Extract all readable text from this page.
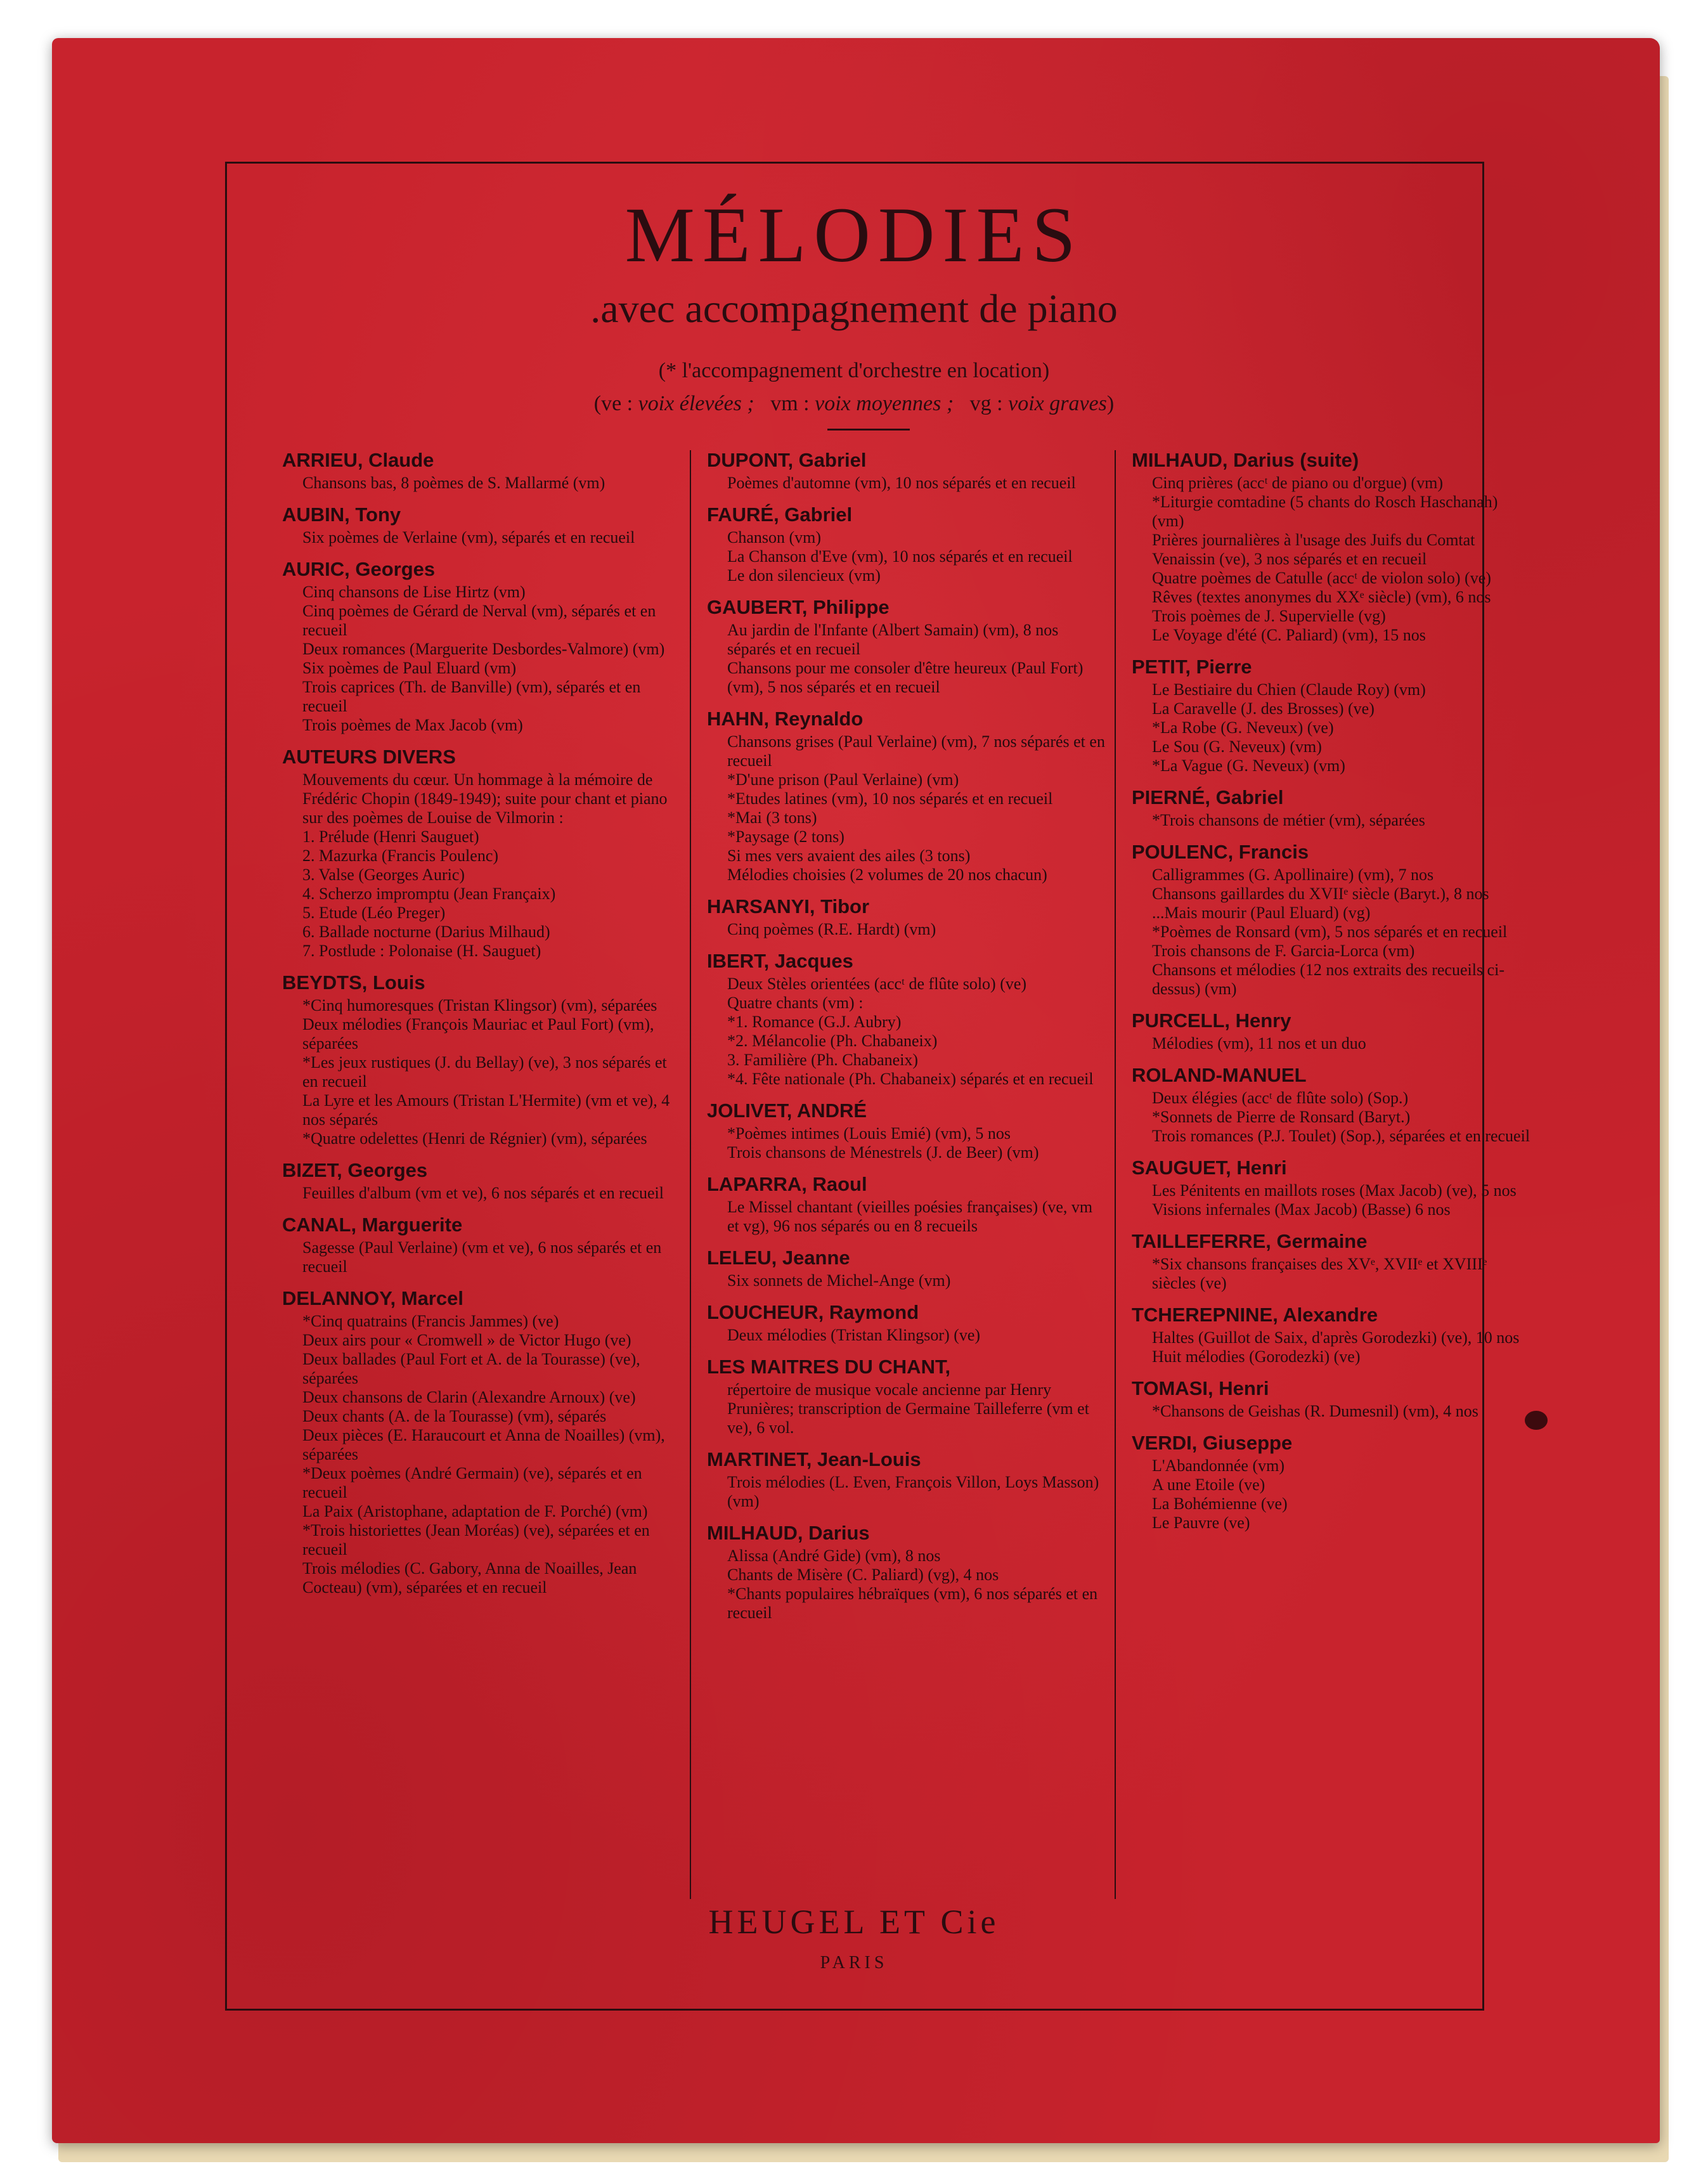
MÉLODIES
.avec accompagnement de piano
(* l'accompagnement d'orchestre en location)
(ve : voix élevées ; vm : voix moyennes ; vg : voix graves)
ARRIEU, Claude
Chansons bas, 8 poèmes de S. Mallarmé (vm)
AUBIN, Tony
Six poèmes de Verlaine (vm), séparés et en recueil
AURIC, Georges
Cinq chansons de Lise Hirtz (vm)
Cinq poèmes de Gérard de Nerval (vm), séparés et en recueil
Deux romances (Marguerite Desbordes-Valmore) (vm)
Six poèmes de Paul Eluard (vm)
Trois caprices (Th. de Banville) (vm), séparés et en recueil
Trois poèmes de Max Jacob (vm)
AUTEURS DIVERS
Mouvements du cœur. Un hommage à la mémoire de Frédéric Chopin (1849-1949); suite pour chant et piano sur des poèmes de Louise de Vilmorin :
1. Prélude (Henri Sauguet)
2. Mazurka (Francis Poulenc)
3. Valse (Georges Auric)
4. Scherzo impromptu (Jean Françaix)
5. Etude (Léo Preger)
6. Ballade nocturne (Darius Milhaud)
7. Postlude : Polonaise (H. Sauguet)
BEYDTS, Louis
*Cinq humoresques (Tristan Klingsor) (vm), séparées
Deux mélodies (François Mauriac et Paul Fort) (vm), séparées
*Les jeux rustiques (J. du Bellay) (ve), 3 nos séparés et en recueil
La Lyre et les Amours (Tristan L'Hermite) (vm et ve), 4 nos séparés
*Quatre odelettes (Henri de Régnier) (vm), séparées
BIZET, Georges
Feuilles d'album (vm et ve), 6 nos séparés et en recueil
CANAL, Marguerite
Sagesse (Paul Verlaine) (vm et ve), 6 nos séparés et en recueil
DELANNOY, Marcel
*Cinq quatrains (Francis Jammes) (ve)
Deux airs pour « Cromwell » de Victor Hugo (ve)
Deux ballades (Paul Fort et A. de la Tourasse) (ve), séparées
Deux chansons de Clarin (Alexandre Arnoux) (ve)
Deux chants (A. de la Tourasse) (vm), séparés
Deux pièces (E. Haraucourt et Anna de Noailles) (vm), séparées
*Deux poèmes (André Germain) (ve), séparés et en recueil
La Paix (Aristophane, adaptation de F. Porché) (vm)
*Trois historiettes (Jean Moréas) (ve), séparées et en recueil
Trois mélodies (C. Gabory, Anna de Noailles, Jean Cocteau) (vm), séparées et en recueil
DUPONT, Gabriel
Poèmes d'automne (vm), 10 nos séparés et en recueil
FAURÉ, Gabriel
Chanson (vm)
La Chanson d'Eve (vm), 10 nos séparés et en recueil
Le don silencieux (vm)
GAUBERT, Philippe
Au jardin de l'Infante (Albert Samain) (vm), 8 nos séparés et en recueil
Chansons pour me consoler d'être heureux (Paul Fort) (vm), 5 nos séparés et en recueil
HAHN, Reynaldo
Chansons grises (Paul Verlaine) (vm), 7 nos séparés et en recueil
*D'une prison (Paul Verlaine) (vm)
*Etudes latines (vm), 10 nos séparés et en recueil
*Mai (3 tons)
*Paysage (2 tons)
Si mes vers avaient des ailes (3 tons)
Mélodies choisies (2 volumes de 20 nos chacun)
HARSANYI, Tibor
Cinq poèmes (R.E. Hardt) (vm)
IBERT, Jacques
Deux Stèles orientées (accᵗ de flûte solo) (ve)
Quatre chants (vm) :
*1. Romance (G.J. Aubry)
*2. Mélancolie (Ph. Chabaneix)
3. Familière (Ph. Chabaneix)
*4. Fête nationale (Ph. Chabaneix) séparés et en recueil
JOLIVET, ANDRÉ
*Poèmes intimes (Louis Emié) (vm), 5 nos
Trois chansons de Ménestrels (J. de Beer) (vm)
LAPARRA, Raoul
Le Missel chantant (vieilles poésies françaises) (ve, vm et vg), 96 nos séparés ou en 8 recueils
LELEU, Jeanne
Six sonnets de Michel-Ange (vm)
LOUCHEUR, Raymond
Deux mélodies (Tristan Klingsor) (ve)
LES MAITRES DU CHANT,
répertoire de musique vocale ancienne par Henry Prunières; transcription de Germaine Tailleferre (vm et ve), 6 vol.
MARTINET, Jean-Louis
Trois mélodies (L. Even, François Villon, Loys Masson) (vm)
MILHAUD, Darius
Alissa (André Gide) (vm), 8 nos
Chants de Misère (C. Paliard) (vg), 4 nos
*Chants populaires hébraïques (vm), 6 nos séparés et en recueil
MILHAUD, Darius (suite)
Cinq prières (accᵗ de piano ou d'orgue) (vm)
*Liturgie comtadine (5 chants do Rosch Haschanah) (vm)
Prières journalières à l'usage des Juifs du Comtat Venaissin (ve), 3 nos séparés et en recueil
Quatre poèmes de Catulle (accᵗ de violon solo) (ve)
Rêves (textes anonymes du XXᵉ siècle) (vm), 6 nos
Trois poèmes de J. Supervielle (vg)
Le Voyage d'été (C. Paliard) (vm), 15 nos
PETIT, Pierre
Le Bestiaire du Chien (Claude Roy) (vm)
La Caravelle (J. des Brosses) (ve)
*La Robe (G. Neveux) (ve)
Le Sou (G. Neveux) (vm)
*La Vague (G. Neveux) (vm)
PIERNÉ, Gabriel
*Trois chansons de métier (vm), séparées
POULENC, Francis
Calligrammes (G. Apollinaire) (vm), 7 nos
Chansons gaillardes du XVIIᵉ siècle (Baryt.), 8 nos
...Mais mourir (Paul Eluard) (vg)
*Poèmes de Ronsard (vm), 5 nos séparés et en recueil
Trois chansons de F. Garcia-Lorca (vm)
Chansons et mélodies (12 nos extraits des recueils ci-dessus) (vm)
PURCELL, Henry
Mélodies (vm), 11 nos et un duo
ROLAND-MANUEL
Deux élégies (accᵗ de flûte solo) (Sop.)
*Sonnets de Pierre de Ronsard (Baryt.)
Trois romances (P.J. Toulet) (Sop.), séparées et en recueil
SAUGUET, Henri
Les Pénitents en maillots roses (Max Jacob) (ve), 5 nos
Visions infernales (Max Jacob) (Basse) 6 nos
TAILLEFERRE, Germaine
*Six chansons françaises des XVᵉ, XVIIᵉ et XVIIIᵉ siècles (ve)
TCHEREPNINE, Alexandre
Haltes (Guillot de Saix, d'après Gorodezki) (ve), 10 nos
Huit mélodies (Gorodezki) (ve)
TOMASI, Henri
*Chansons de Geishas (R. Dumesnil) (vm), 4 nos
VERDI, Giuseppe
L'Abandonnée (vm)
A une Etoile (ve)
La Bohémienne (ve)
Le Pauvre (ve)
HEUGEL ET Cie
PARIS
